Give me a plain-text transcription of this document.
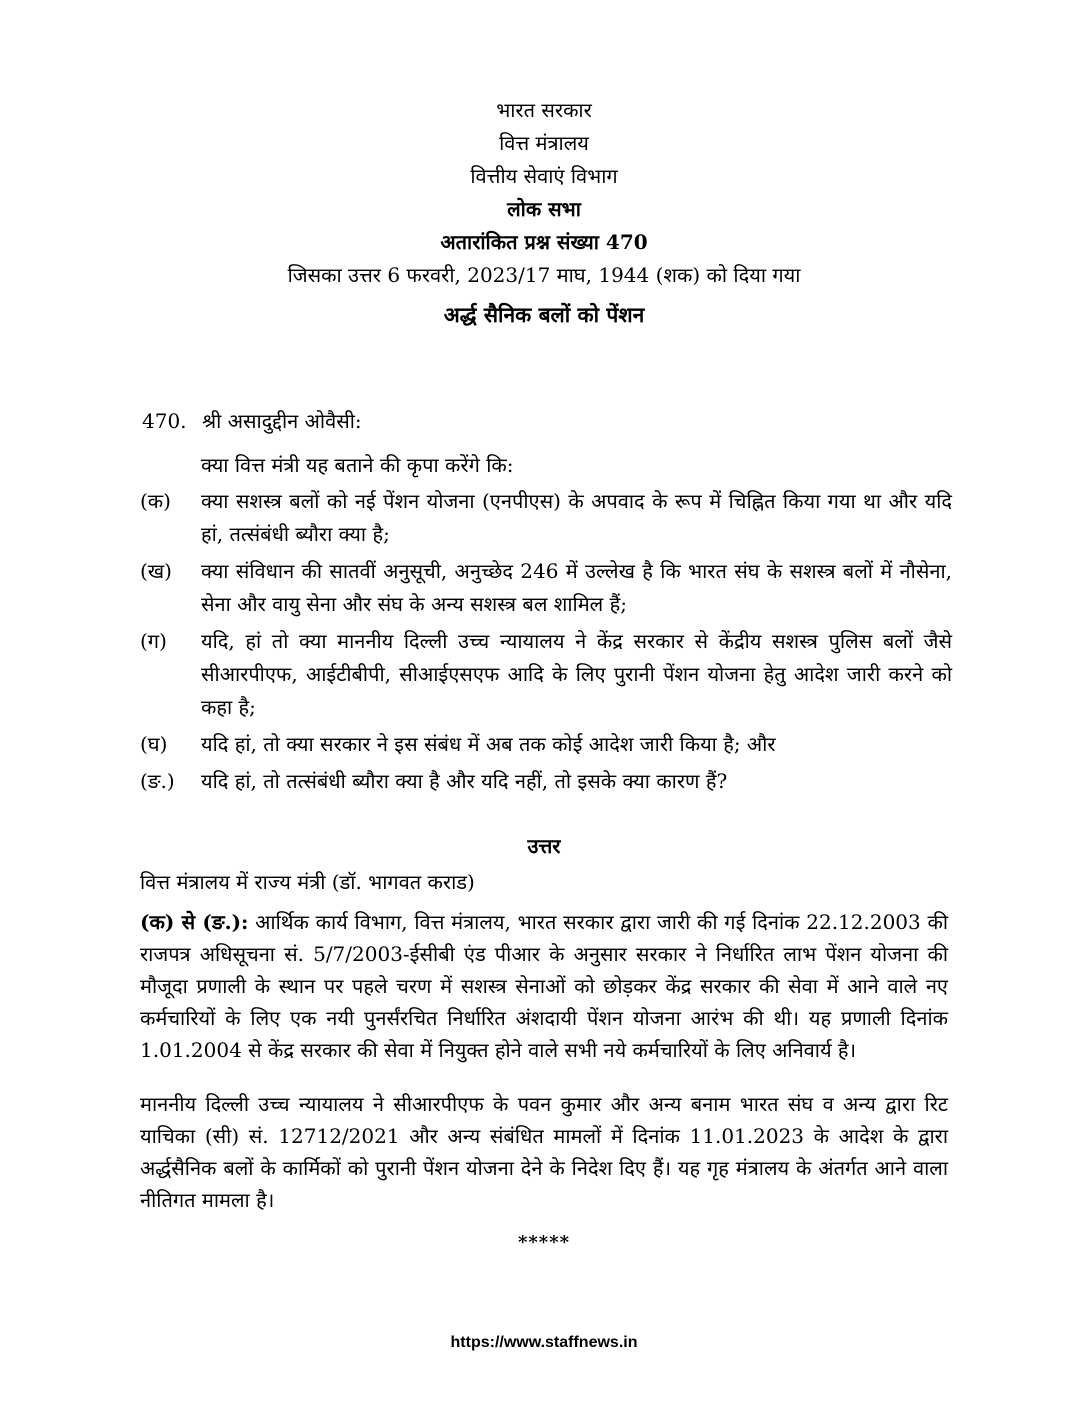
भारत सरकार
वित्त मंत्रालय
वित्तीय सेवाएं विभाग
लोक सभा
अतारांकित प्रश्न संख्या 470
जिसका उत्तर 6 फरवरी, 2023/17 माघ, 1944 (शक) को दिया गया
अर्द्ध सैनिक बलों को पेंशन
470. श्री असादुद्दीन ओवैसी:
क्या वित्त मंत्री यह बताने की कृपा करेंगे कि:
(क)	क्या सशस्त्र बलों को नई पेंशन योजना (एनपीएस) के अपवाद के रूप में चिह्नित किया गया था और यदि हां, तत्संबंधी ब्यौरा क्या है;
(ख)	क्या संविधान की सातवीं अनुसूची, अनुच्छेद 246 में उल्लेख है कि भारत संघ के सशस्त्र बलों में नौसेना, सेना और वायु सेना और संघ के अन्य सशस्त्र बल शामिल हैं;
(ग)	यदि, हां तो क्या माननीय दिल्ली उच्च न्यायालय ने केंद्र सरकार से केंद्रीय सशस्त्र पुलिस बलों जैसे सीआरपीएफ, आईटीबीपी, सीआईएसएफ आदि के लिए पुरानी पेंशन योजना हेतु आदेश जारी करने को कहा है;
(घ)	यदि हां, तो क्या सरकार ने इस संबंध में अब तक कोई आदेश जारी किया है; और
(ङ.)	यदि हां, तो तत्संबंधी ब्यौरा क्या है और यदि नहीं, तो इसके क्या कारण हैं?
उत्तर
वित्त मंत्रालय में राज्य मंत्री (डॉ. भागवत कराड)
(क) से (ङ.): आर्थिक कार्य विभाग, वित्त मंत्रालय, भारत सरकार द्वारा जारी की गई दिनांक 22.12.2003 की राजपत्र अधिसूचना सं. 5/7/2003-ईसीबी एंड पीआर के अनुसार सरकार ने निर्धारित लाभ पेंशन योजना की मौजूदा प्रणाली के स्थान पर पहले चरण में सशस्त्र सेनाओं को छोड़कर केंद्र सरकार की सेवा में आने वाले नए कर्मचारियों के लिए एक नयी पुनर्संरचित निर्धारित अंशदायी पेंशन योजना आरंभ की थी। यह प्रणाली दिनांक 1.01.2004 से केंद्र सरकार की सेवा में नियुक्त होने वाले सभी नये कर्मचारियों के लिए अनिवार्य है।
माननीय दिल्ली उच्च न्यायालय ने सीआरपीएफ के पवन कुमार और अन्य बनाम भारत संघ व अन्य द्वारा रिट याचिका (सी) सं. 12712/2021 और अन्य संबंधित मामलों में दिनांक 11.01.2023 के आदेश के द्वारा अर्द्धसैनिक बलों के कार्मिकों को पुरानी पेंशन योजना देने के निदेश दिए हैं। यह गृह मंत्रालय के अंतर्गत आने वाला नीतिगत मामला है।
*****
https://www.staffnews.in
